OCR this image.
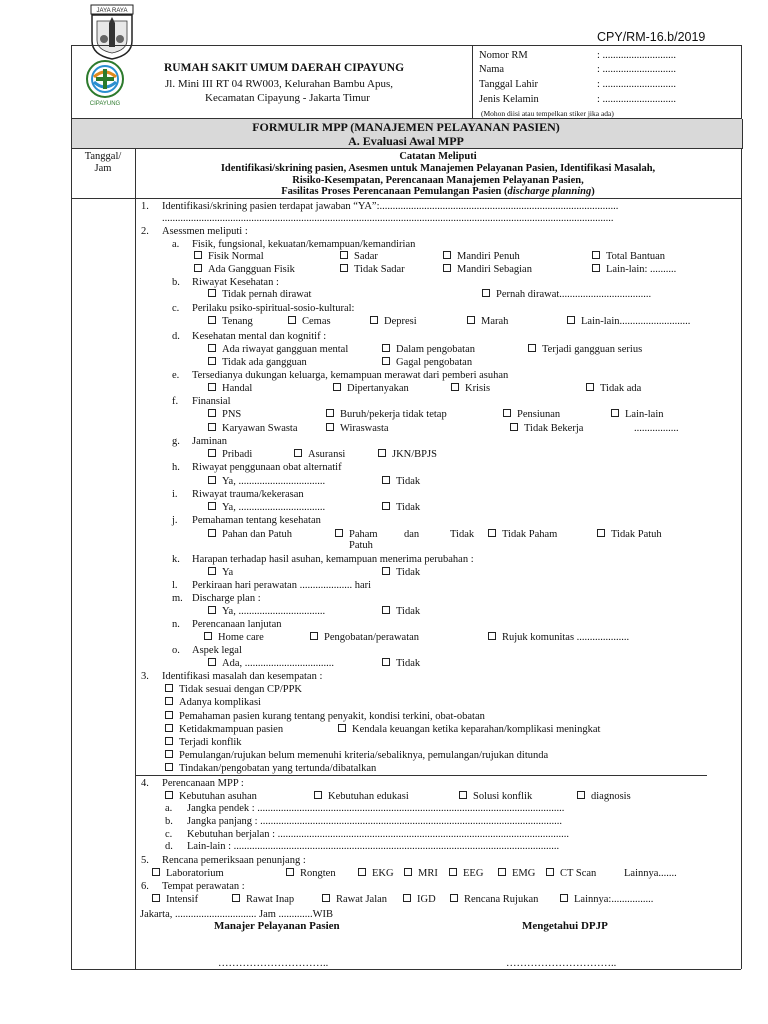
CPY/RM-16.b/2019
JAYA RAYA
CIPAYUNG
RUMAH SAKIT UMUM DAERAH CIPAYUNG
Jl. Mini III RT 04 RW003, Kelurahan Bambu Apus,
Kecamatan Cipayung - Jakarta Timur
Nomor RM	: ............................
Nama	: ............................
Tanggal Lahir	: ............................
Jenis Kelamin	: ............................
(Mohon diisi atau tempelkan stiker jika ada)
FORMULIR MPP (MANAJEMEN PELAYANAN PASIEN)
A. Evaluasi Awal MPP
Tanggal/
Jam
Catatan Meliputi
Identifikasi/skrining pasien, Asesmen untuk Manajemen Pelayanan Pasien, Identifikasi Masalah,
Risiko-Kesempatan, Perencanaan Manajemen Pelayanan Pasien,
Fasilitas Proses Perencanaan Pemulangan Pasien (discharge planning)
1. Identifikasi/skrining pasien terdapat jawaban “YA”:...........................................................................................
............................................................................................................................................................................
2. Asessmen meliputi :
a. Fisik, fungsional, kekuatan/kemampuan/kemandirian
Fisik Normal	Sadar	Mandiri Penuh	Total Bantuan
Ada Gangguan Fisik	Tidak Sadar	Mandiri Sebagian	Lain-lain: ..........
b. Riwayat Kesehatan :
Tidak pernah dirawat	Pernah dirawat...................................
c. Perilaku psiko-spiritual-sosio-kultural:
Tenang	Cemas	Depresi	Marah	Lain-lain...........................
d. Kesehatan mental dan kognitif :
Ada riwayat gangguan mental	Dalam pengobatan	Terjadi gangguan serius
Tidak ada gangguan	Gagal pengobatan
e. Tersedianya dukungan keluarga, kemampuan merawat dari pemberi asuhan
Handal	Dipertanyakan	Krisis	Tidak ada
f. Finansial
PNS	Buruh/pekerja tidak tetap	Pensiunan	Lain-lain
Karyawan Swasta	Wiraswasta	Tidak Bekerja	.................
g. Jaminan
Pribadi	Asuransi	JKN/BPJS
h. Riwayat penggunaan obat alternatif
Ya, .................................	Tidak
i. Riwayat trauma/kekerasan
Ya, .................................	Tidak
j. Pemahaman tentang kesehatan
Pahan dan Patuh	Paham	dan	Tidak
Patuh
Tidak Paham	Tidak Patuh
k. Harapan terhadap hasil asuhan, kemampuan menerima perubahan :
Ya	Tidak
l. Perkiraan hari perawatan .................... hari
m. Discharge plan :
Ya, .................................	Tidak
n. Perencanaan lanjutan
Home care	Pengobatan/perawatan	Rujuk komunitas ....................
o. Aspek legal
Ada, ..................................	Tidak
3. Identifikasi masalah dan kesempatan :
Tidak sesuai dengan CP/PPK
Adanya komplikasi
Pemahaman pasien kurang tentang penyakit, kondisi terkini, obat-obatan
Ketidakmampuan pasien	Kendala keuangan ketika keparahan/komplikasi meningkat
Terjadi konflik
Pemulangan/rujukan belum memenuhi kriteria/sebaliknya, pemulangan/rujukan ditunda
Tindakan/pengobatan yang tertunda/dibatalkan
4. Perencanaan MPP :
Kebutuhan asuhan	Kebutuhan edukasi	Solusi konflik	diagnosis
a. Jangka pendek : .....................................................................................................................
b. Jangka panjang : ...................................................................................................................
c. Kebutuhan berjalan : ...............................................................................................................
d. Lain-lain : ............................................................................................................................
5. Rencana pemeriksaan penunjang :
Laboratorium	Rongten	EKG	MRI	EEG	EMG	CT Scan	Lainnya.......
6. Tempat perawatan :
Intensif	Rawat Inap	Rawat Jalan	IGD	Rencana Rujukan	Lainnya:................
Jakarta, ............................... Jam .............WIB
Manajer Pelayanan Pasien	Mengetahui DPJP
…………………………..	…………………………..
